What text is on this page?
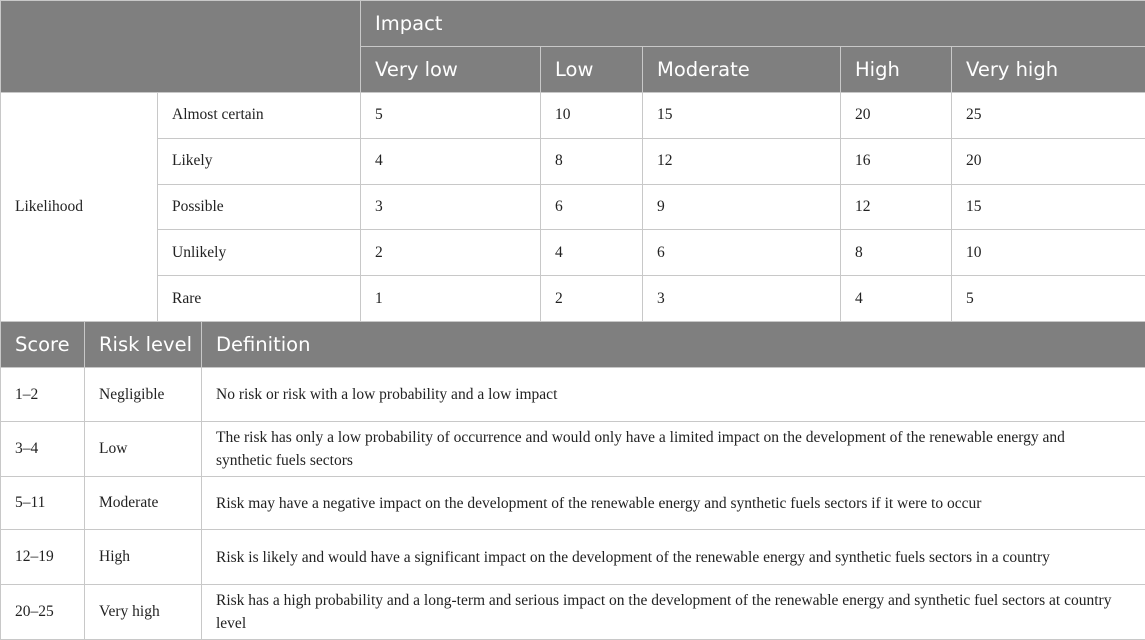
		Impact				
		Very low	Low	Moderate	High	Very high
Likelihood	Almost certain	5	10	15	20	25
	Likely	4	8	12	16	20
	Possible	3	6	9	12	15
	Unlikely	2	4	6	8	10
	Rare	1	2	3	4	5
Score	Risk level	Definition
1–2	Negligible	No risk or risk with a low probability and a low impact
3–4	Low	The risk has only a low probability of occurrence and would only have a limited impact on the development of the renewable energy and synthetic fuels sectors
5–11	Moderate	Risk may have a negative impact on the development of the renewable energy and synthetic fuels sectors if it were to occur
12–19	High	Risk is likely and would have a significant impact on the development of the renewable energy and synthetic fuels sectors in a country
20–25	Very high	Risk has a high probability and a long-term and serious impact on the development of the renewable energy and synthetic fuel sectors at country level
